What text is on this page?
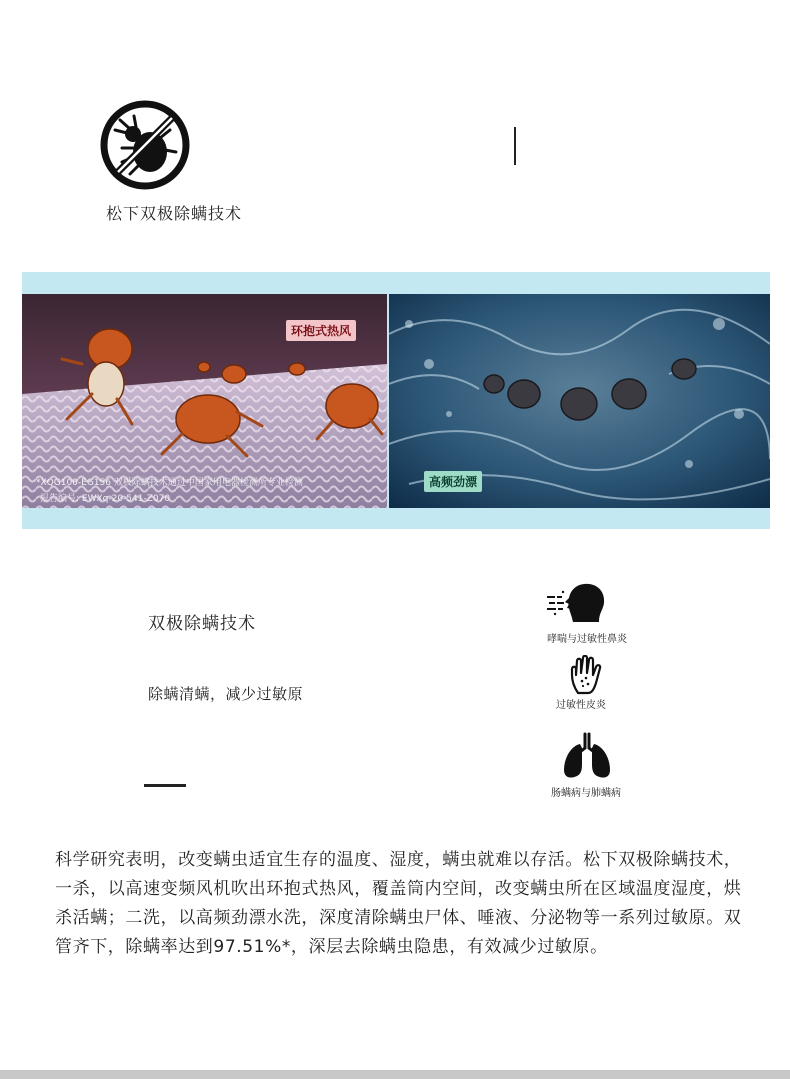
松下双极除螨技术
环抱式热风
高频劲漂
*XQG100-EG156 双极除螨技术通过中国家用电器检测所专业检测
报告编号: EWXq-20-541-Z070
双极除螨技术
除螨清螨，减少过敏原
哮喘与过敏性鼻炎
过敏性皮炎
肠螨病与肺螨病
科学研究表明，改变螨虫适宜生存的温度、湿度，螨虫就难以存活。松下双极除螨技术，一杀，以高速变频风机吹出环抱式热风，覆盖筒内空间，改变螨虫所在区域温度湿度，烘杀活螨；二洗，以高频劲漂水洗，深度清除螨虫尸体、唾液、分泌物等一系列过敏原。双管齐下，除螨率达到97.51%*，深层去除螨虫隐患，有效减少过敏原。
